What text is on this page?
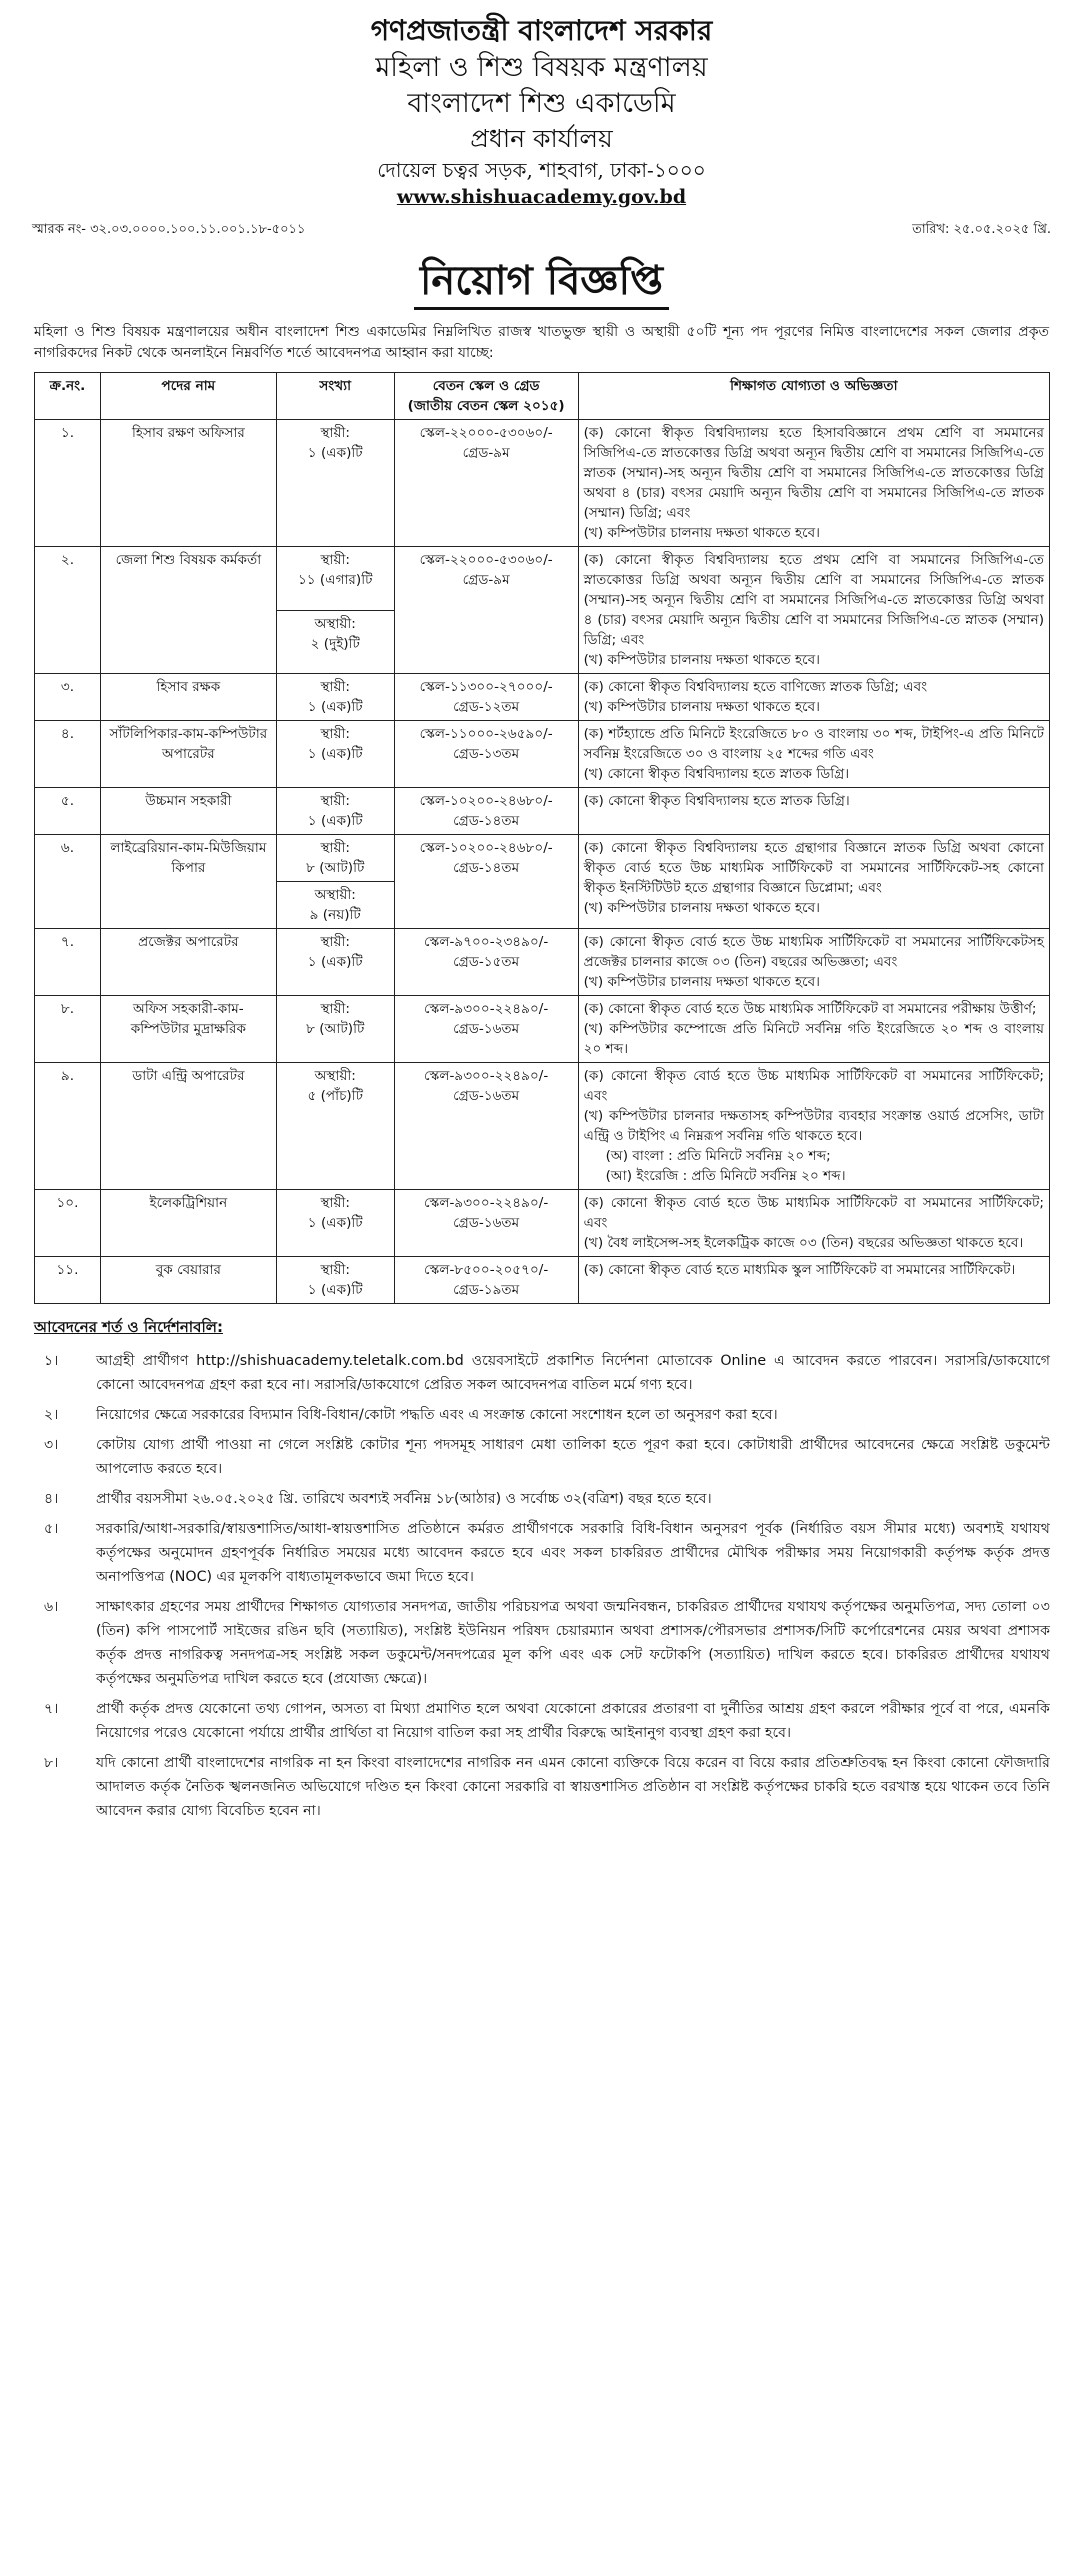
গণপ্রজাতন্ত্রী বাংলাদেশ সরকার
মহিলা ও শিশু বিষয়ক মন্ত্রণালয়
বাংলাদেশ শিশু একাডেমি
প্রধান কার্যালয়
দোয়েল চত্বর সড়ক, শাহবাগ, ঢাকা-১০০০
www.shishuacademy.gov.bd
স্মারক নং- ৩২.০৩.০০০০.১০০.১১.০০১.১৮-৫০১১	তারিখ: ২৫.০৫.২০২৫ খ্রি.
নিয়োগ বিজ্ঞপ্তি
মহিলা ও শিশু বিষয়ক মন্ত্রণালয়ের অধীন বাংলাদেশ শিশু একাডেমির নিম্নলিখিত রাজস্ব খাতভুক্ত স্থায়ী ও অস্থায়ী ৫০টি শূন্য পদ পূরণের নিমিত্ত বাংলাদেশের সকল জেলার প্রকৃত নাগরিকদের নিকট থেকে অনলাইনে নিম্নবর্ণিত শর্তে আবেদনপত্র আহ্বান করা যাচ্ছে:
ক্র.নং.	পদের নাম	সংখ্যা	বেতন স্কেল ও গ্রেড
(জাতীয় বেতন স্কেল ২০১৫)	শিক্ষাগত যোগ্যতা ও অভিজ্ঞতা
১.	হিসাব রক্ষণ অফিসার	স্থায়ী:
১ (এক)টি	স্কেল-২২০০০-৫৩০৬০/-
গ্রেড-৯ম	(ক) কোনো স্বীকৃত বিশ্ববিদ্যালয় হতে হিসাববিজ্ঞানে প্রথম শ্রেণি বা সমমানের সিজিপিএ-তে স্নাতকোত্তর ডিগ্রি অথবা অন্যূন দ্বিতীয় শ্রেণি বা সমমানের সিজিপিএ-তে স্নাতক (সম্মান)-সহ অন্যূন দ্বিতীয় শ্রেণি বা সমমানের সিজিপিএ-তে স্নাতকোত্তর ডিগ্রি অথবা ৪ (চার) বৎসর মেয়াদি অন্যূন দ্বিতীয় শ্রেণি বা সমমানের সিজিপিএ-তে স্নাতক (সম্মান) ডিগ্রি; এবং
(খ) কম্পিউটার চালনায় দক্ষতা থাকতে হবে।

২.	জেলা শিশু বিষয়ক কর্মকর্তা	স্থায়ী:
১১ (এগার)টি	স্কেল-২২০০০-৫৩০৬০/-
গ্রেড-৯ম	(ক) কোনো স্বীকৃত বিশ্ববিদ্যালয় হতে প্রথম শ্রেণি বা সমমানের সিজিপিএ-তে স্নাতকোত্তর ডিগ্রি অথবা অন্যূন দ্বিতীয় শ্রেণি বা সমমানের সিজিপিএ-তে স্নাতক (সম্মান)-সহ অন্যূন দ্বিতীয় শ্রেণি বা সমমানের সিজিপিএ-তে স্নাতকোত্তর ডিগ্রি অথবা ৪ (চার) বৎসর মেয়াদি অন্যূন দ্বিতীয় শ্রেণি বা সমমানের সিজিপিএ-তে স্নাতক (সম্মান) ডিগ্রি; এবং
(খ) কম্পিউটার চালনায় দক্ষতা থাকতে হবে।

		অস্থায়ী:
২ (দুই)টি		

৩.	হিসাব রক্ষক	স্থায়ী:
১ (এক)টি	স্কেল-১১৩০০-২৭০০০/-
গ্রেড-১২তম	(ক) কোনো স্বীকৃত বিশ্ববিদ্যালয় হতে বাণিজ্যে স্নাতক ডিগ্রি; এবং
(খ) কম্পিউটার চালনায় দক্ষতা থাকতে হবে।

৪.	সাঁটলিপিকার-কাম-কম্পিউটার অপারেটর	স্থায়ী:
১ (এক)টি	স্কেল-১১০০০-২৬৫৯০/-
গ্রেড-১৩তম	(ক) শর্টহ্যান্ডে প্রতি মিনিটে ইংরেজিতে ৮০ ও বাংলায় ৩০ শব্দ, টাইপিং-এ প্রতি মিনিটে সর্বনিম্ন ইংরেজিতে ৩০ ও বাংলায় ২৫ শব্দের গতি এবং
(খ) কোনো স্বীকৃত বিশ্ববিদ্যালয় হতে স্নাতক ডিগ্রি।

৫.	উচ্চমান সহকারী	স্থায়ী:
১ (এক)টি	স্কেল-১০২০০-২৪৬৮০/-
গ্রেড-১৪তম	(ক) কোনো স্বীকৃত বিশ্ববিদ্যালয় হতে স্নাতক ডিগ্রি।

৬.	লাইব্রেরিয়ান-কাম-মিউজিয়াম কিপার	স্থায়ী:
৮ (আট)টি	স্কেল-১০২০০-২৪৬৮০/-
গ্রেড-১৪তম	(ক) কোনো স্বীকৃত বিশ্ববিদ্যালয় হতে গ্রন্থাগার বিজ্ঞানে স্নাতক ডিগ্রি অথবা কোনো স্বীকৃত বোর্ড হতে উচ্চ মাধ্যমিক সার্টিফিকেট বা সমমানের সার্টিফিকেট-সহ কোনো স্বীকৃত ইনস্টিটিউট হতে গ্রন্থাগার বিজ্ঞানে ডিপ্লোমা; এবং
(খ) কম্পিউটার চালনায় দক্ষতা থাকতে হবে।

		অস্থায়ী:
৯ (নয়)টি		

৭.	প্রজেক্টর অপারেটর	স্থায়ী:
১ (এক)টি	স্কেল-৯৭০০-২৩৪৯০/-
গ্রেড-১৫তম	(ক) কোনো স্বীকৃত বোর্ড হতে উচ্চ মাধ্যমিক সার্টিফিকেট বা সমমানের সার্টিফিকেটসহ প্রজেক্টর চালনার কাজে ০৩ (তিন) বছরের অভিজ্ঞতা; এবং
(খ) কম্পিউটার চালনায় দক্ষতা থাকতে হবে।

৮.	অফিস সহকারী-কাম-কম্পিউটার মুদ্রাক্ষরিক	স্থায়ী:
৮ (আট)টি	স্কেল-৯৩০০-২২৪৯০/-
গ্রেড-১৬তম	(ক) কোনো স্বীকৃত বোর্ড হতে উচ্চ মাধ্যমিক সার্টিফিকেট বা সমমানের পরীক্ষায় উত্তীর্ণ;
(খ) কম্পিউটার কম্পোজে প্রতি মিনিটে সর্বনিম্ন গতি ইংরেজিতে ২০ শব্দ ও বাংলায় ২০ শব্দ।

৯.	ডাটা এন্ট্রি অপারেটর	অস্থায়ী:
৫ (পাঁচ)টি	স্কেল-৯৩০০-২২৪৯০/-
গ্রেড-১৬তম	(ক) কোনো স্বীকৃত বোর্ড হতে উচ্চ মাধ্যমিক সার্টিফিকেট বা সমমানের সার্টিফিকেট; এবং
(খ) কম্পিউটার চালনার দক্ষতাসহ কম্পিউটার ব্যবহার সংক্রান্ত ওয়ার্ড প্রসেসিং, ডাটা এন্ট্রি ও টাইপিং এ নিম্নরূপ সর্বনিম্ন গতি থাকতে হবে।
(অ) বাংলা : প্রতি মিনিটে সর্বনিম্ন ২০ শব্দ;
(আ) ইংরেজি : প্রতি মিনিটে সর্বনিম্ন ২০ শব্দ।

১০.	ইলেকট্রিশিয়ান	স্থায়ী:
১ (এক)টি	স্কেল-৯৩০০-২২৪৯০/-
গ্রেড-১৬তম	(ক) কোনো স্বীকৃত বোর্ড হতে উচ্চ মাধ্যমিক সার্টিফিকেট বা সমমানের সার্টিফিকেট; এবং
(খ) বৈধ লাইসেন্স-সহ ইলেকট্রিক কাজে ০৩ (তিন) বছরের অভিজ্ঞতা থাকতে হবে।

১১.	বুক বেয়ারার	স্থায়ী:
১ (এক)টি	স্কেল-৮৫০০-২০৫৭০/-
গ্রেড-১৯তম	(ক) কোনো স্বীকৃত বোর্ড হতে মাধ্যমিক স্কুল সার্টিফিকেট বা সমমানের সার্টিফিকেট।
আবেদনের শর্ত ও নির্দেশনাবলি:
১।	আগ্রহী প্রার্থীগণ http://shishuacademy.teletalk.com.bd ওয়েবসাইটে প্রকাশিত নির্দেশনা মোতাবেক Online এ আবেদন করতে পারবেন। সরাসরি/ডাকযোগে কোনো আবেদনপত্র গ্রহণ করা হবে না। সরাসরি/ডাকযোগে প্রেরিত সকল আবেদনপত্র বাতিল মর্মে গণ্য হবে।
২।	নিয়োগের ক্ষেত্রে সরকারের বিদ্যমান বিধি-বিধান/কোটা পদ্ধতি এবং এ সংক্রান্ত কোনো সংশোধন হলে তা অনুসরণ করা হবে।
৩।	কোটায় যোগ্য প্রার্থী পাওয়া না গেলে সংশ্লিষ্ট কোটার শূন্য পদসমূহ সাধারণ মেধা তালিকা হতে পূরণ করা হবে। কোটাধারী প্রার্থীদের আবেদনের ক্ষেত্রে সংশ্লিষ্ট ডকুমেন্ট আপলোড করতে হবে।
৪।	প্রার্থীর বয়সসীমা ২৬.০৫.২০২৫ খ্রি. তারিখে অবশ্যই সর্বনিম্ন ১৮(আঠার) ও সর্বোচ্চ ৩২(বত্রিশ) বছর হতে হবে।
৫।	সরকারি/আধা-সরকারি/স্বায়ত্তশাসিত/আধা-স্বায়ত্তশাসিত প্রতিষ্ঠানে কর্মরত প্রার্থীগণকে সরকারি বিধি-বিধান অনুসরণ পূর্বক (নির্ধারিত বয়স সীমার মধ্যে) অবশ্যই যথাযথ কর্তৃপক্ষের অনুমোদন গ্রহণপূর্বক নির্ধারিত সময়ের মধ্যে আবেদন করতে হবে এবং সকল চাকরিরত প্রার্থীদের মৌখিক পরীক্ষার সময় নিয়োগকারী কর্তৃপক্ষ কর্তৃক প্রদত্ত অনাপত্তিপত্র (NOC) এর মূলকপি বাধ্যতামূলকভাবে জমা দিতে হবে।
৬।	সাক্ষাৎকার গ্রহণের সময় প্রার্থীদের শিক্ষাগত যোগ্যতার সনদপত্র, জাতীয় পরিচয়পত্র অথবা জন্মনিবন্ধন, চাকরিরত প্রার্থীদের যথাযথ কর্তৃপক্ষের অনুমতিপত্র, সদ্য তোলা ০৩ (তিন) কপি পাসপোর্ট সাইজের রঙিন ছবি (সত্যায়িত), সংশ্লিষ্ট ইউনিয়ন পরিষদ চেয়ারম্যান অথবা প্রশাসক/পৌরসভার প্রশাসক/সিটি কর্পোরেশনের মেয়র অথবা প্রশাসক কর্তৃক প্রদত্ত নাগরিকত্ব সনদপত্র-সহ সংশ্লিষ্ট সকল ডকুমেন্ট/সনদপত্রের মূল কপি এবং এক সেট ফটোকপি (সত্যায়িত) দাখিল করতে হবে। চাকরিরত প্রার্থীদের যথাযথ কর্তৃপক্ষের অনুমতিপত্র দাখিল করতে হবে (প্রযোজ্য ক্ষেত্রে)।
৭।	প্রার্থী কর্তৃক প্রদত্ত যেকোনো তথ্য গোপন, অসত্য বা মিথ্যা প্রমাণিত হলে অথবা যেকোনো প্রকারের প্রতারণা বা দুর্নীতির আশ্রয় গ্রহণ করলে পরীক্ষার পূর্বে বা পরে, এমনকি নিয়োগের পরেও যেকোনো পর্যায়ে প্রার্থীর প্রার্থিতা বা নিয়োগ বাতিল করা সহ প্রার্থীর বিরুদ্ধে আইনানুগ ব্যবস্থা গ্রহণ করা হবে।
৮।	যদি কোনো প্রার্থী বাংলাদেশের নাগরিক না হন কিংবা বাংলাদেশের নাগরিক নন এমন কোনো ব্যক্তিকে বিয়ে করেন বা বিয়ে করার প্রতিশ্রুতিবদ্ধ হন কিংবা কোনো ফৌজদারি আদালত কর্তৃক নৈতিক স্খলনজনিত অভিযোগে দণ্ডিত হন কিংবা কোনো সরকারি বা স্বায়ত্তশাসিত প্রতিষ্ঠান বা সংশ্লিষ্ট কর্তৃপক্ষের চাকরি হতে বরখাস্ত হয়ে থাকেন তবে তিনি আবেদন করার যোগ্য বিবেচিত হবেন না।
